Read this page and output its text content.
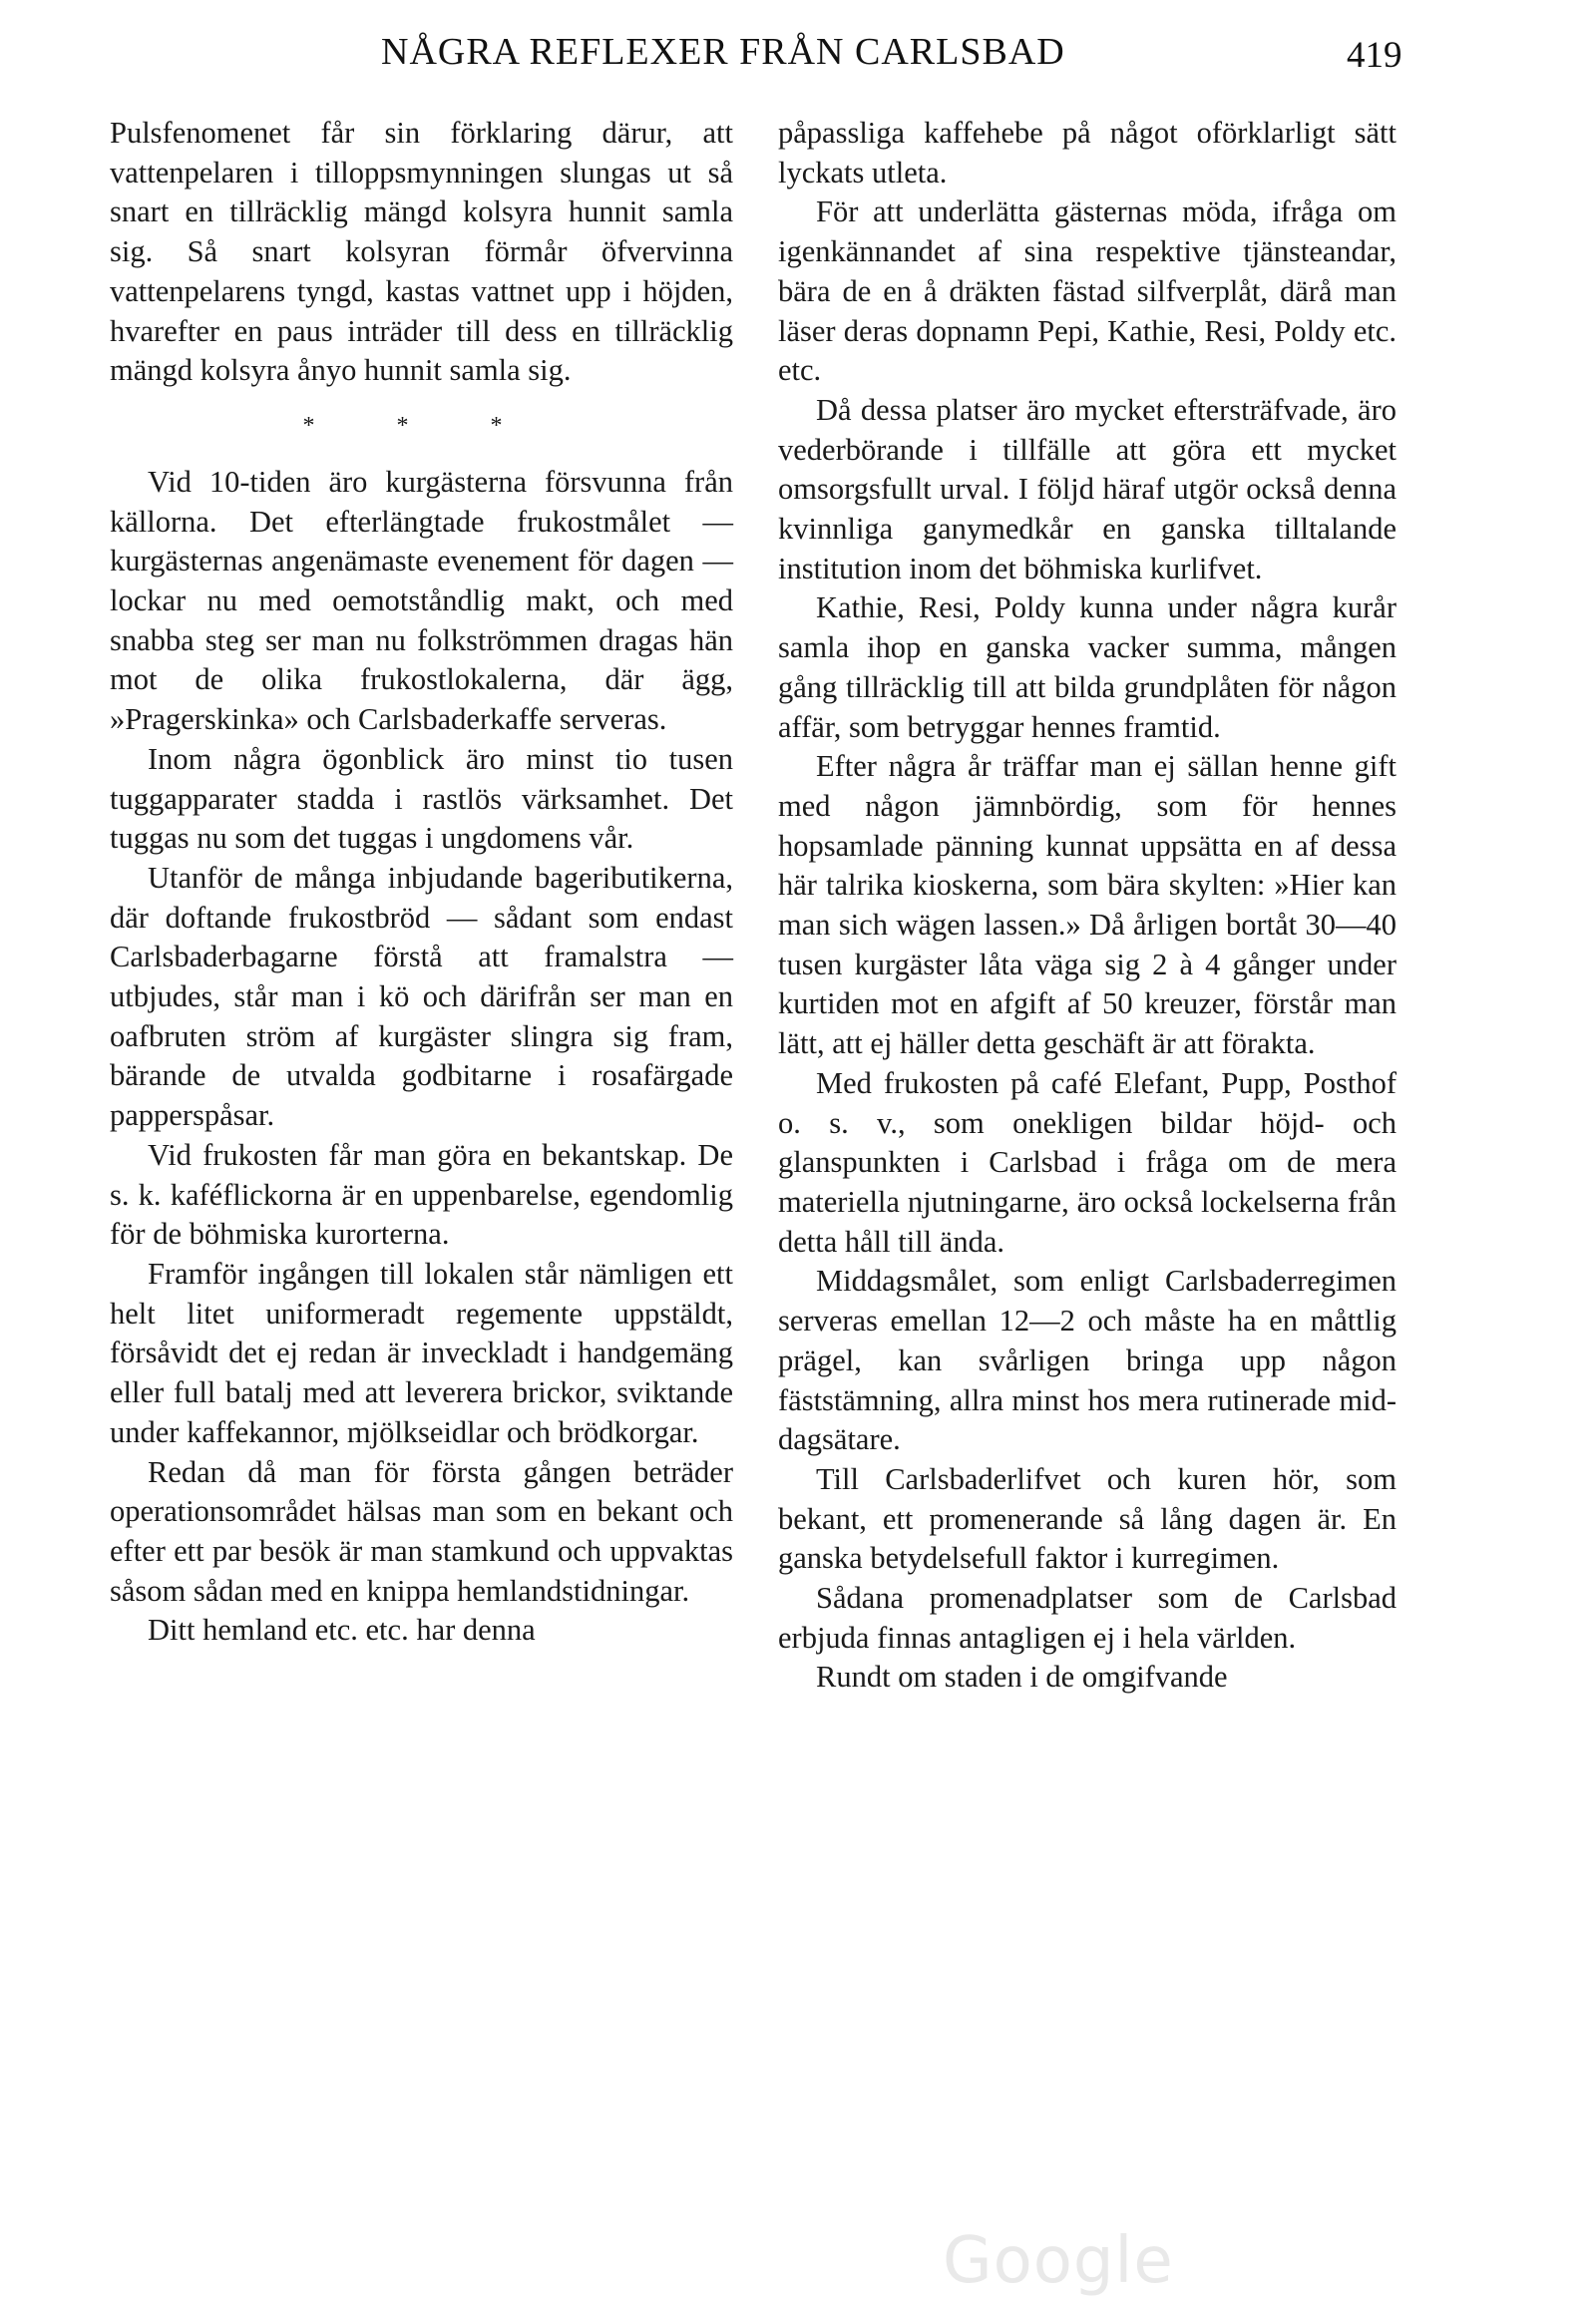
NÅGRA REFLEXER FRÅN CARLSBAD	419

Pulsfenomenet får sin förklaring därur, att vattenpelaren i tilloppsmynningen slungas ut så snart en tillräcklig mängd kolsyra hunnit samla sig. Så snart kolsyran förmår öfvervinna vattenpelarens tyngd, kastas vattnet upp i höjden, hvarefter en paus inträder till dess en tillräcklig mängd kolsyra ånyo hunnit samla sig.

* * *

Vid 10-tiden äro kurgästerna försvunna från källorna. Det efterlängtade frukostmålet — kurgästernas angenämaste evenement för dagen — lockar nu med oemotståndlig makt, och med snabba steg ser man nu folkströmmen dragas hän mot de olika frukostlokalerna, där ägg, »Pragerskinka» och Carlsbaderkaffe serveras.

Inom några ögonblick äro minst tio tusen tuggapparater stadda i rastlös värksamhet. Det tuggas nu som det tuggas i ungdomens vår.

Utanför de många inbjudande bageributikerna, där doftande frukostbröd — sådant som endast Carlsbaderbagarne förstå att framalstra — utbjudes, står man i kö och därifrån ser man en oafbruten ström af kurgäster slingra sig fram, bärande de utvalda godbitarne i rosafärgade papperspåsar.

Vid frukosten får man göra en bekantskap. De s. k. kaféflickorna är en uppenbarelse, egendomlig för de böhmiska kurorterna.

Framför ingången till lokalen står nämligen ett helt litet uniformeradt regemente uppstäldt, försåvidt det ej redan är inveckladt i handgemäng eller full batalj med att leverera brickor, sviktande under kaffekannor, mjölkseidlar och brödkorgar.

Redan då man för första gången beträder operationsområdet hälsas man som en bekant och efter ett par besök är man stamkund och uppvaktas såsom sådan med en knippa hemlandstidningar.

Ditt hemland etc. etc. har denna

påpassliga kaffehebe på något oförklarligt sätt lyckats utleta.

För att underlätta gästernas möda, ifråga om igenkännandet af sina respektive tjänsteandar, bära de en å dräkten fästad silfverplåt, därå man läser deras dopnamn Pepi, Kathie, Resi, Poldy etc. etc.

Då dessa platser äro mycket eftersträfvade, äro vederbörande i tillfälle att göra ett mycket omsorgsfullt urval. I följd häraf utgör också denna kvinnliga ganymedkår en ganska tilltalande institution inom det böhmiska kurlifvet.

Kathie, Resi, Poldy kunna under några kurår samla ihop en ganska vacker summa, mången gång tillräcklig till att bilda grundplåten för någon affär, som betryggar hennes framtid.

Efter några år träffar man ej sällan henne gift med någon jämnbördig, som för hennes hopsamlade pänning kunnat uppsätta en af dessa här talrika kioskerna, som bära skylten: »Hier kan man sich wägen lassen.» Då årligen bortåt 30—40 tusen kurgäster låta väga sig 2 à 4 gånger under kurtiden mot en afgift af 50 kreuzer, förstår man lätt, att ej häller detta geschäft är att förakta.

Med frukosten på café Elefant, Pupp, Posthof o. s. v., som onekligen bildar höjd- och glanspunkten i Carlsbad i fråga om de mera materiella njutningarne, äro också lockelserna från detta håll till ända.

Middagsmålet, som enligt Carlsbaderregimen serveras emellan 12—2 och måste ha en måttlig prägel, kan svårligen bringa upp någon fäststämning, allra minst hos mera rutinerade middagsätare.

Till Carlsbaderlifvet och kuren hör, som bekant, ett promenerande så lång dagen är. En ganska betydelsefull faktor i kurregimen.

Sådana promenadplatser som de Carlsbad erbjuda finnas antagligen ej i hela världen.

Rundt om staden i de omgifvande

Google
